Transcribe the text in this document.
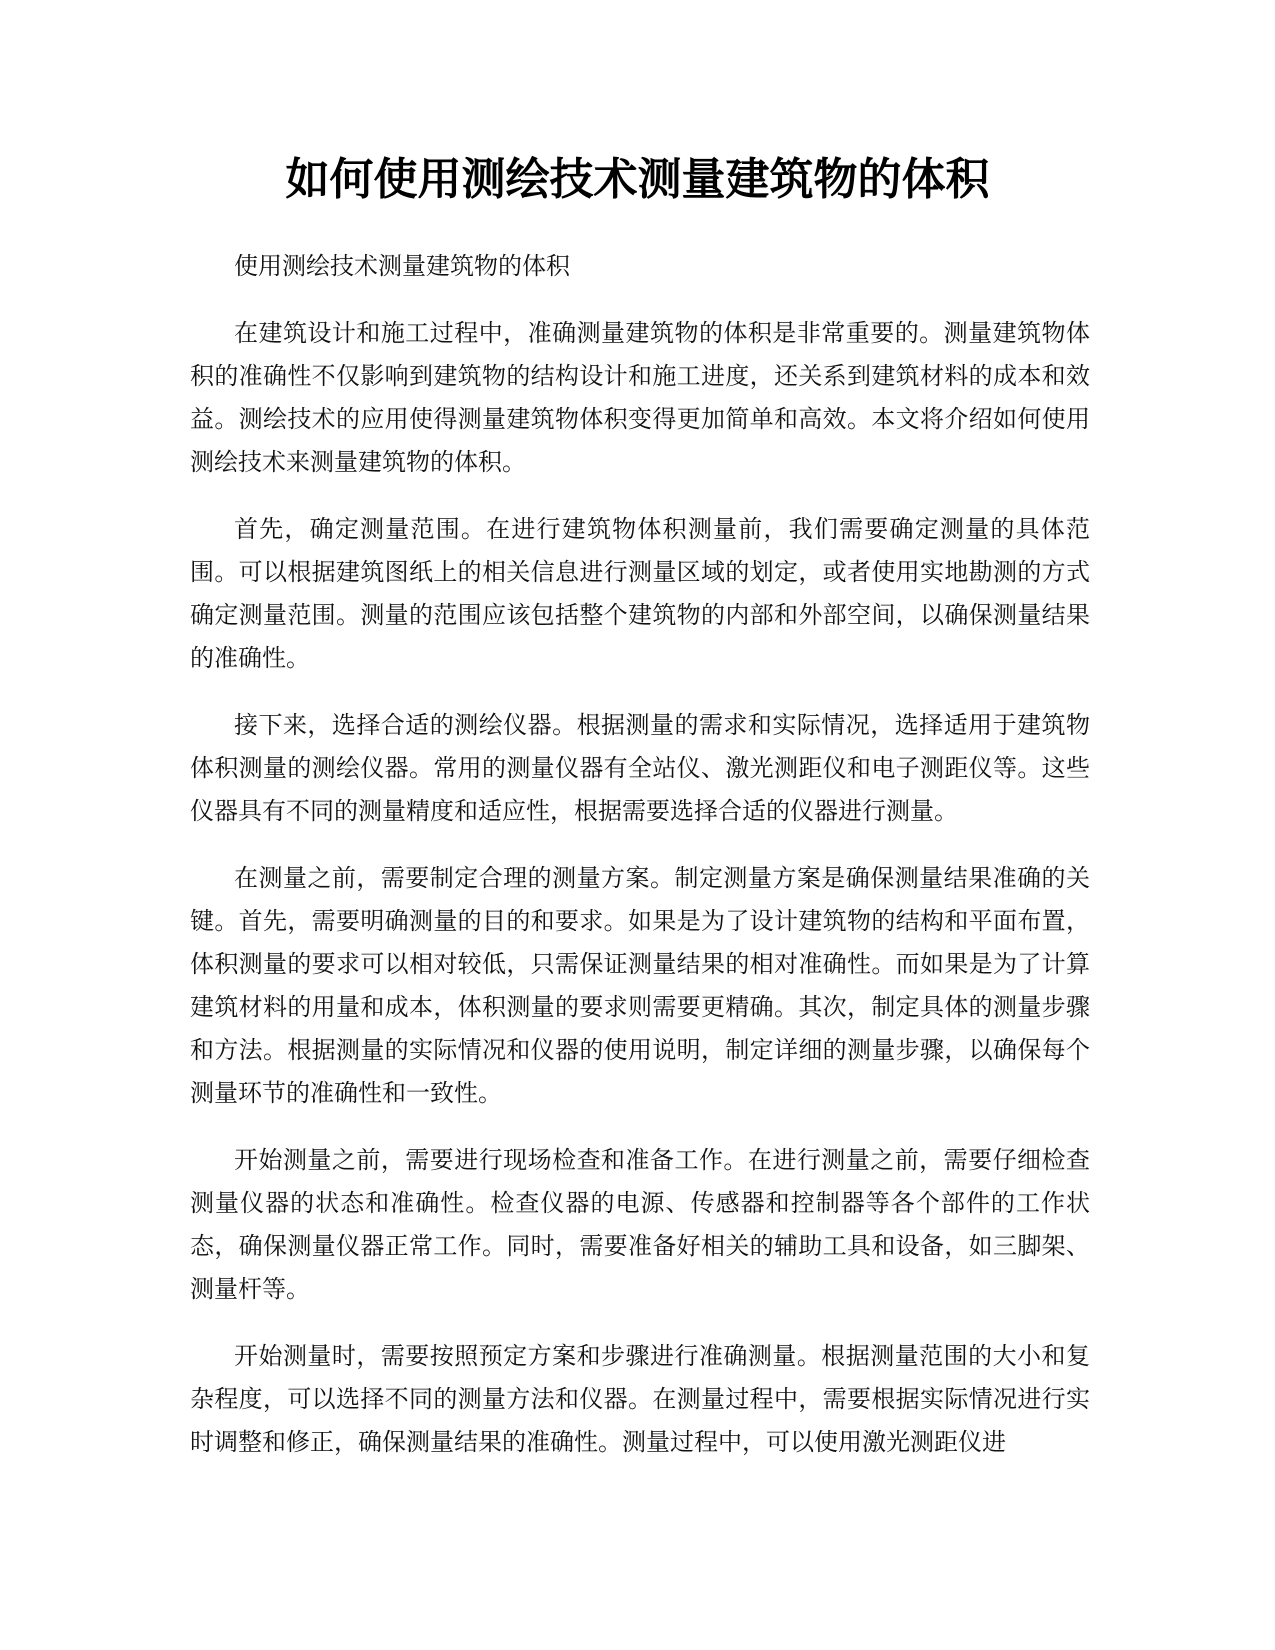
如何使用测绘技术测量建筑物的体积

使用测绘技术测量建筑物的体积

在建筑设计和施工过程中，准确测量建筑物的体积是非常重要的。测量建筑物体积的准确性不仅影响到建筑物的结构设计和施工进度，还关系到建筑材料的成本和效益。测绘技术的应用使得测量建筑物体积变得更加简单和高效。本文将介绍如何使用测绘技术来测量建筑物的体积。

首先，确定测量范围。在进行建筑物体积测量前，我们需要确定测量的具体范围。可以根据建筑图纸上的相关信息进行测量区域的划定，或者使用实地勘测的方式确定测量范围。测量的范围应该包括整个建筑物的内部和外部空间，以确保测量结果的准确性。

接下来，选择合适的测绘仪器。根据测量的需求和实际情况，选择适用于建筑物体积测量的测绘仪器。常用的测量仪器有全站仪、激光测距仪和电子测距仪等。这些仪器具有不同的测量精度和适应性，根据需要选择合适的仪器进行测量。

在测量之前，需要制定合理的测量方案。制定测量方案是确保测量结果准确的关键。首先，需要明确测量的目的和要求。如果是为了设计建筑物的结构和平面布置，体积测量的要求可以相对较低，只需保证测量结果的相对准确性。而如果是为了计算建筑材料的用量和成本，体积测量的要求则需要更精确。其次，制定具体的测量步骤和方法。根据测量的实际情况和仪器的使用说明，制定详细的测量步骤，以确保每个测量环节的准确性和一致性。

开始测量之前，需要进行现场检查和准备工作。在进行测量之前，需要仔细检查测量仪器的状态和准确性。检查仪器的电源、传感器和控制器等各个部件的工作状态，确保测量仪器正常工作。同时，需要准备好相关的辅助工具和设备，如三脚架、测量杆等。

开始测量时，需要按照预定方案和步骤进行准确测量。根据测量范围的大小和复杂程度，可以选择不同的测量方法和仪器。在测量过程中，需要根据实际情况进行实时调整和修正，确保测量结果的准确性。测量过程中，可以使用激光测距仪进
